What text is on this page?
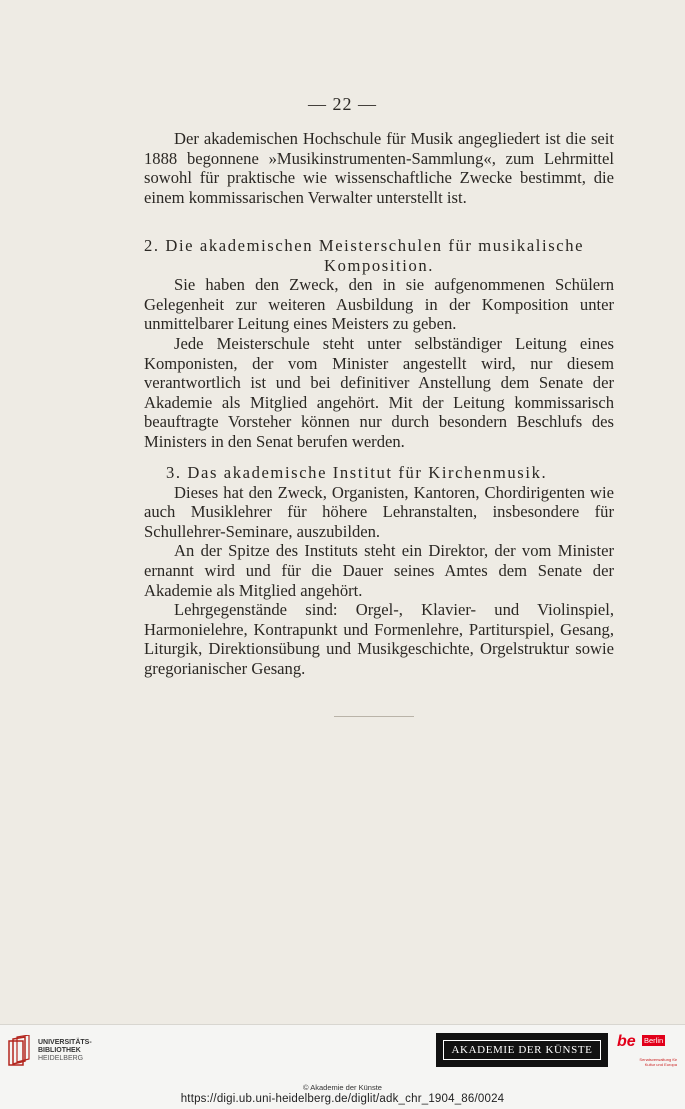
— 22 —

Der akademischen Hochschule für Musik angegliedert ist die seit 1888 begonnene »Musikinstrumenten-Sammlung«, zum Lehrmittel sowohl für praktische wie wissenschaftliche Zwecke bestimmt, die einem kommissarischen Verwalter unterstellt ist.

2. Die akademischen Meisterschulen für musikalische

Komposition.

Sie haben den Zweck, den in sie aufgenommenen Schülern Gelegenheit zur weiteren Ausbildung in der Komposition unter unmittelbarer Leitung eines Meisters zu geben.

Jede Meisterschule steht unter selbständiger Leitung eines Komponisten, der vom Minister angestellt wird, nur diesem verantwortlich ist und bei definitiver Anstellung dem Senate der Akademie als Mitglied angehört. Mit der Leitung kommissarisch beauftragte Vorsteher können nur durch besondern Beschlufs des Ministers in den Senat berufen werden.

3. Das akademische Institut für Kirchenmusik.

Dieses hat den Zweck, Organisten, Kantoren, Chordirigenten wie auch Musiklehrer für höhere Lehranstalten, insbesondere für Schullehrer-Seminare, auszubilden.

An der Spitze des Instituts steht ein Direktor, der vom Minister ernannt wird und für die Dauer seines Amtes dem Senate der Akademie als Mitglied angehört.

Lehrgegenstände sind: Orgel-, Klavier- und Violinspiel, Harmonielehre, Kontrapunkt und Formenlehre, Partiturspiel, Gesang, Liturgik, Direktionsübung und Musikgeschichte, Orgelstruktur sowie gregorianischer Gesang.

UNIVERSITÄTS-
BIBLIOTHEK
HEIDELBERG
AKADEMIE DER KÜNSTE	be Berlin
Senatsverwaltung für Kultur und Europa
© Akademie der Künste
https://digi.ub.uni-heidelberg.de/diglit/adk_chr_1904_86/0024
